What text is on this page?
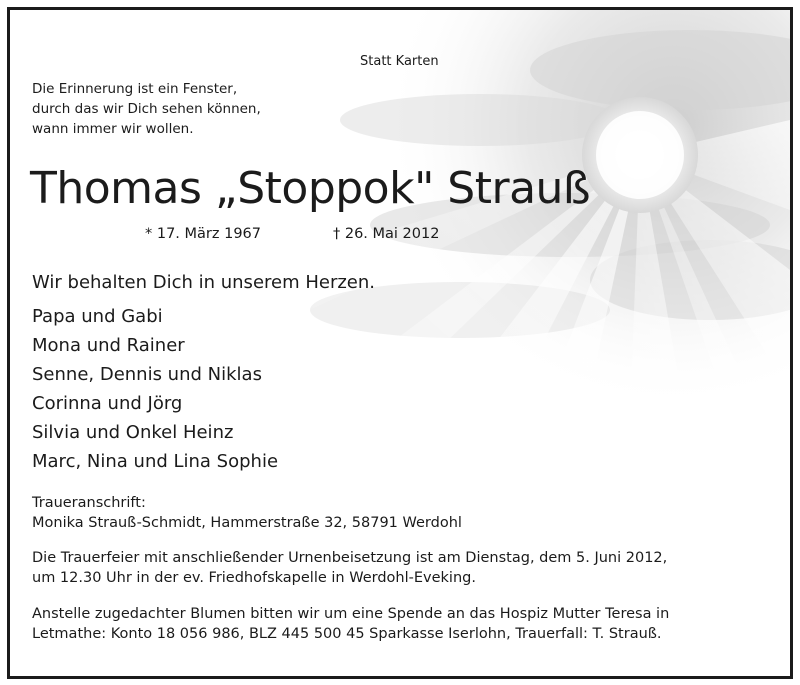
Statt Karten
Die Erinnerung ist ein Fenster,
durch das wir Dich sehen können,
wann immer wir wollen.
Thomas „Stoppok" Strauß
* 17. März 1967	† 26. Mai 2012
Wir behalten Dich in unserem Herzen.
Papa und Gabi
Mona und Rainer
Senne, Dennis und Niklas
Corinna und Jörg
Silvia und Onkel Heinz
Marc, Nina und Lina Sophie
Traueranschrift:
Monika Strauß-Schmidt, Hammerstraße 32, 58791 Werdohl
Die Trauerfeier mit anschließender Urnenbeisetzung ist am Dienstag, dem 5. Juni 2012,
um 12.30 Uhr in der ev. Friedhofskapelle in Werdohl-Eveking.
Anstelle zugedachter Blumen bitten wir um eine Spende an das Hospiz Mutter Teresa in
Letmathe: Konto 18 056 986, BLZ 445 500 45 Sparkasse Iserlohn, Trauerfall: T. Strauß.
